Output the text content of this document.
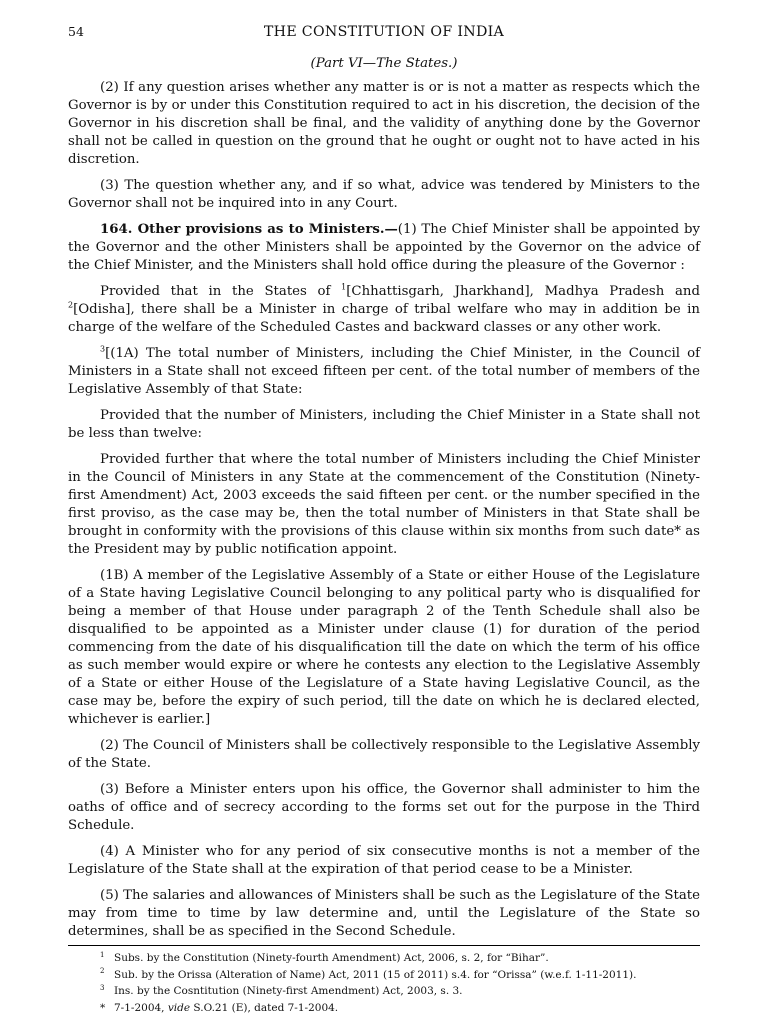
54	THE CONSTITUTION OF INDIA
(Part VI—The States.)

(2) If any question arises whether any matter is or is not a matter as respects which the Governor is by or under this Constitution required to act in his discretion, the decision of the Governor in his discretion shall be final, and the validity of anything done by the Governor shall not be called in question on the ground that he ought or ought not to have acted in his discretion.

(3) The question whether any, and if so what, advice was tendered by Ministers to the Governor shall not be inquired into in any Court.

164. Other provisions as to Ministers.—(1) The Chief Minister shall be appointed by the Governor and the other Ministers shall be appointed by the Governor on the advice of the Chief Minister, and the Ministers shall hold office during the pleasure of the Governor :

Provided that in the States of $^1$[Chhattisgarh, Jharkhand], Madhya Pradesh and $^2$[Odisha], there shall be a Minister in charge of tribal welfare who may in addition be in charge of the welfare of the Scheduled Castes and backward classes or any other work.

$^3$[(1A) The total number of Ministers, including the Chief Minister, in the Council of Ministers in a State shall not exceed fifteen per cent. of the total number of members of the Legislative Assembly of that State:

Provided that the number of Ministers, including the Chief Minister in a State shall not be less than twelve:

Provided further that where the total number of Ministers including the Chief Minister in the Council of Ministers in any State at the commencement of the Constitution (Ninety-first Amendment) Act, 2003 exceeds the said fifteen per cent. or the number specified in the first proviso, as the case may be, then the total number of Ministers in that State shall be brought in conformity with the provisions of this clause within six months from such date* as the President may by public notification appoint.

(1B) A member of the Legislative Assembly of a State or either House of the Legislature of a State having Legislative Council belonging to any political party who is disqualified for being a member of that House under paragraph 2 of the Tenth Schedule shall also be disqualified to be appointed as a Minister under clause (1) for duration of the period commencing from the date of his disqualification till the date on which the term of his office as such member would expire or where he contests any election to the Legislative Assembly of a State or either House of the Legislature of a State having Legislative Council, as the case may be, before the expiry of such period, till the date on which he is declared elected, whichever is earlier.]

(2) The Council of Ministers shall be collectively responsible to the Legislative Assembly of the State.

(3) Before a Minister enters upon his office, the Governor shall administer to him the oaths of office and of secrecy according to the forms set out for the purpose in the Third Schedule.

(4) A Minister who for any period of six consecutive months is not a member of the Legislature of the State shall at the expiration of that period cease to be a Minister.

(5) The salaries and allowances of Ministers shall be such as the Legislature of the State may from time to time by law determine and, until the Legislature of the State so determines, shall be as specified in the Second Schedule.

$^1$ Subs. by the Constitution (Ninety-fourth Amendment) Act, 2006, s. 2, for “Bihar”.
$^2$ Sub. by the Orissa (Alteration of Name) Act, 2011 (15 of 2011) s.4. for “Orissa” (w.e.f. 1-11-2011).
$^3$ Ins. by the Cosntitution (Ninety-first Amendment) Act, 2003, s. 3.
* 7-1-2004, vide S.O.21 (E), dated 7-1-2004.
